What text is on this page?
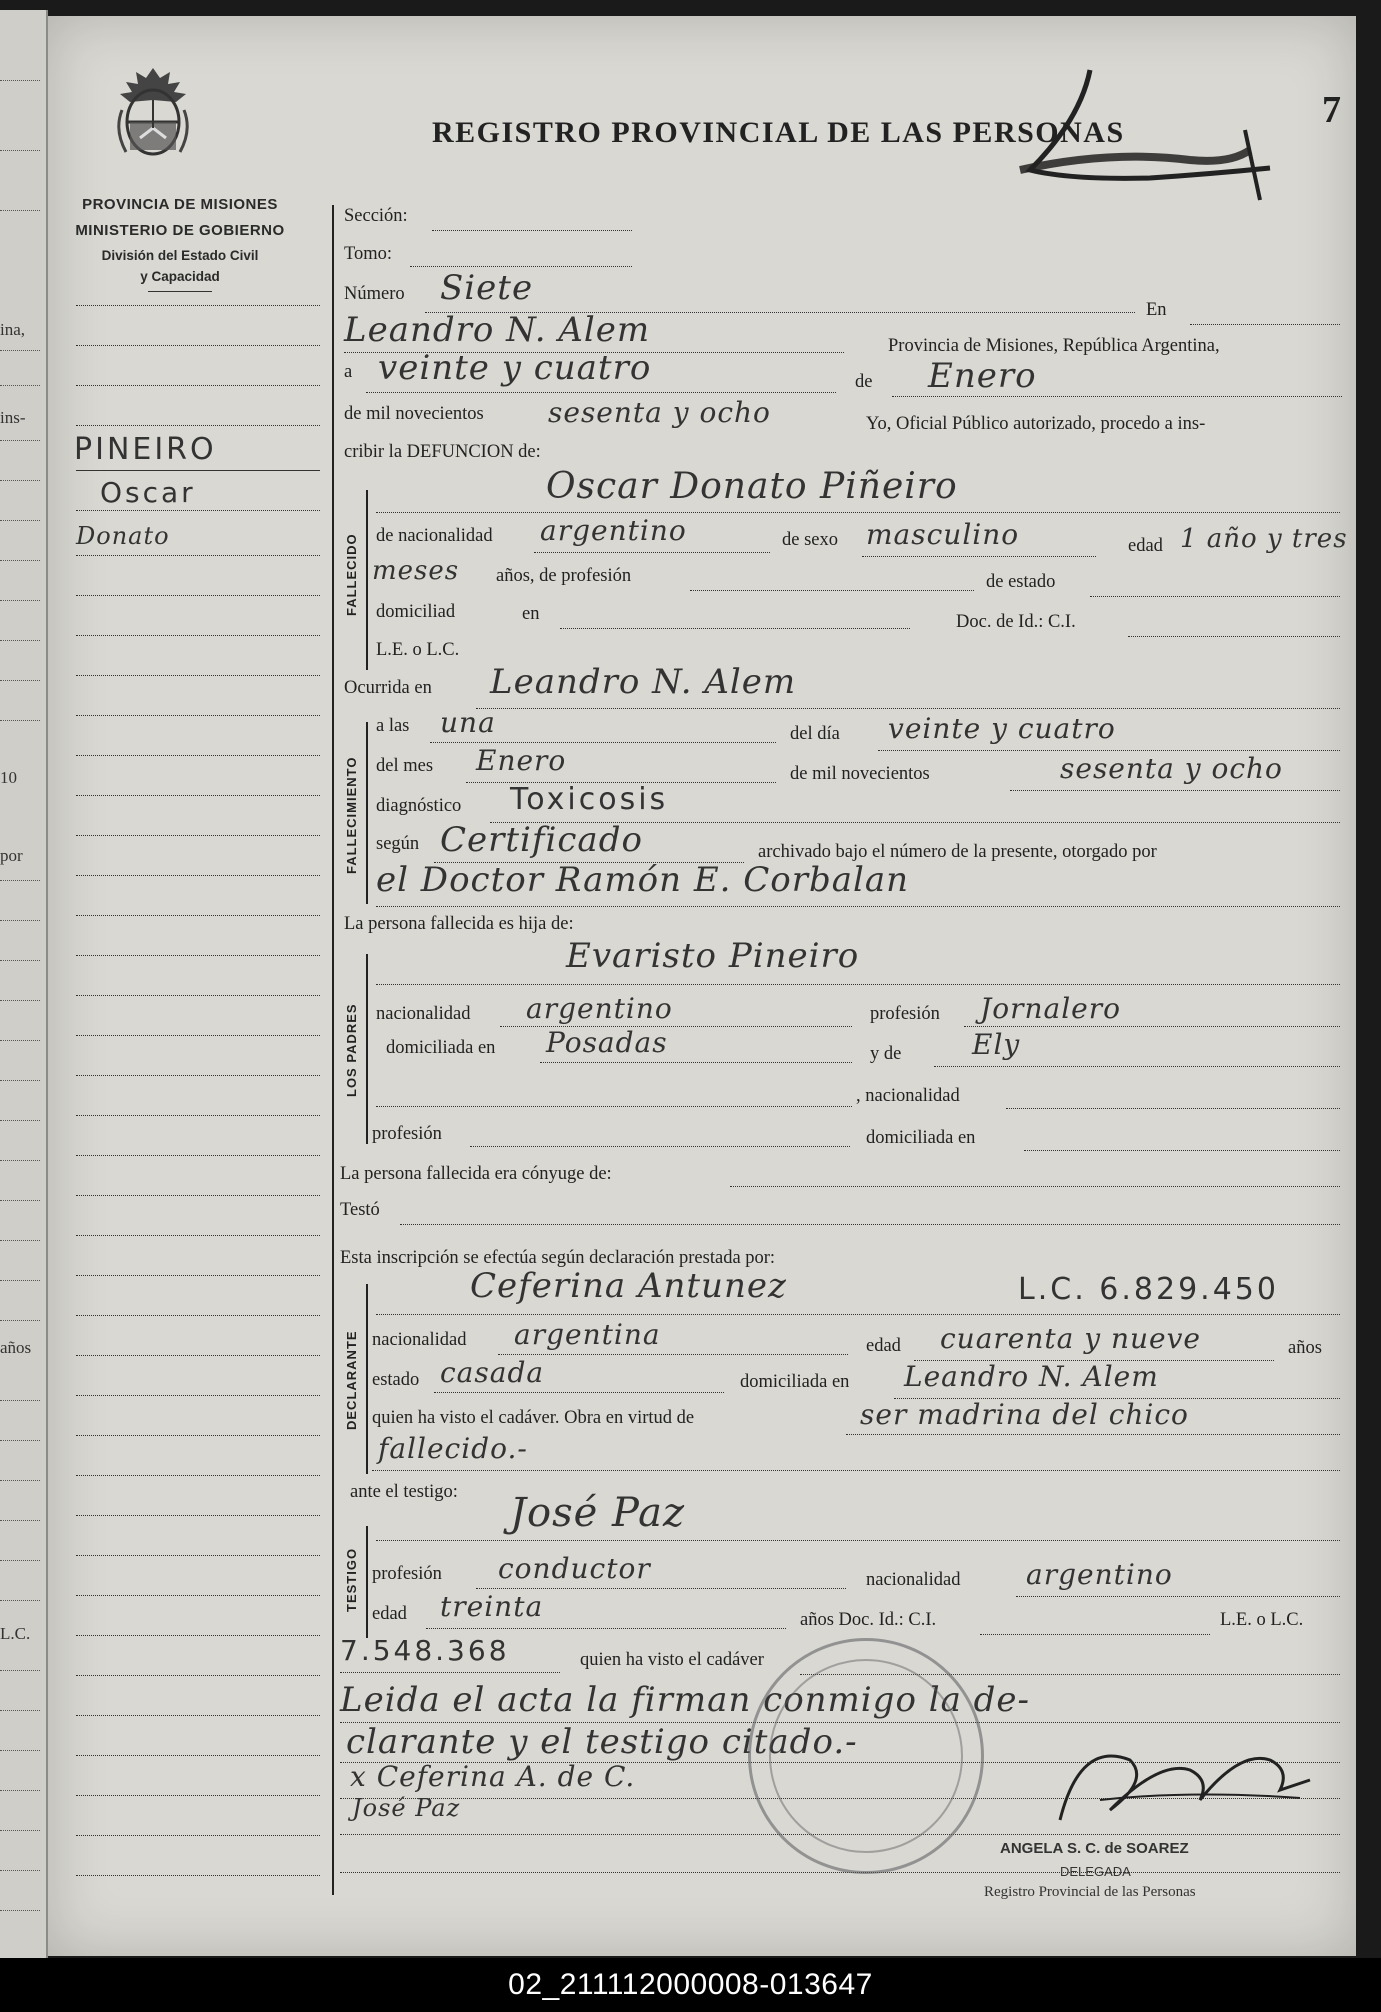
ina,
ins-
10
por
años
L.C.
PROVINCIA DE MISIONES
MINISTERIO DE GOBIERNO
División del Estado Civil
y Capacidad
REGISTRO PROVINCIAL DE LAS PERSONAS
7
PINEIRO
Oscar
Donato
Sección:
Tomo:
Número Siete
En
Leandro N. Alem	Provincia de Misiones, República Argentina,
a veinte y cuatro	de Enero
de mil novecientos sesenta y ocho	Yo, Oficial Público autorizado, procedo a ins-
cribir la DEFUNCION de:
FALLECIDO
Oscar Donato Piñeiro
de nacionalidad argentino	de sexo masculino	edad 1 año y tres
meses años, de profesión	de estado
domiciliad	en	Doc. de Id.: C.I.
L.E. o L.C.
Ocurrida en Leandro N. Alem
FALLECIMIENTO
a las una	del día veinte y cuatro
del mes Enero	de mil novecientos	sesenta y ocho
diagnóstico Toxicosis
según Certificado	archivado bajo el número de la presente, otorgado por
el Doctor Ramón E. Corbalan
La persona fallecida es hija de:
LOS PADRES
Evaristo Pineiro
nacionalidad argentino	profesión Jornalero
domiciliada en Posadas	y de	Ely
, nacionalidad
profesión	domiciliada en
La persona fallecida era cónyuge de:
Testó
Esta inscripción se efectúa según declaración prestada por:
DECLARANTE
Ceferina Antunez	L.C. 6.829.450
nacionalidad argentina	edad cuarenta y nueve	años
estado casada	domiciliada en Leandro N. Alem
quien ha visto el cadáver. Obra en virtud de	ser madrina del chico
fallecido.-
ante el testigo:
TESTIGO
José Paz
profesión conductor	nacionalidad argentino
edad treinta	años Doc. Id.: C.I.	L.E. o L.C.
7.548.368	quien ha visto el cadáver
Leida el acta la firman conmigo la de-
clarante y el testigo citado.-
x Ceferina A. de C.
José Paz
ANGELA S. C. de SOAREZ
DELEGADA
Registro Provincial de las Personas
02_211112000008-013647
